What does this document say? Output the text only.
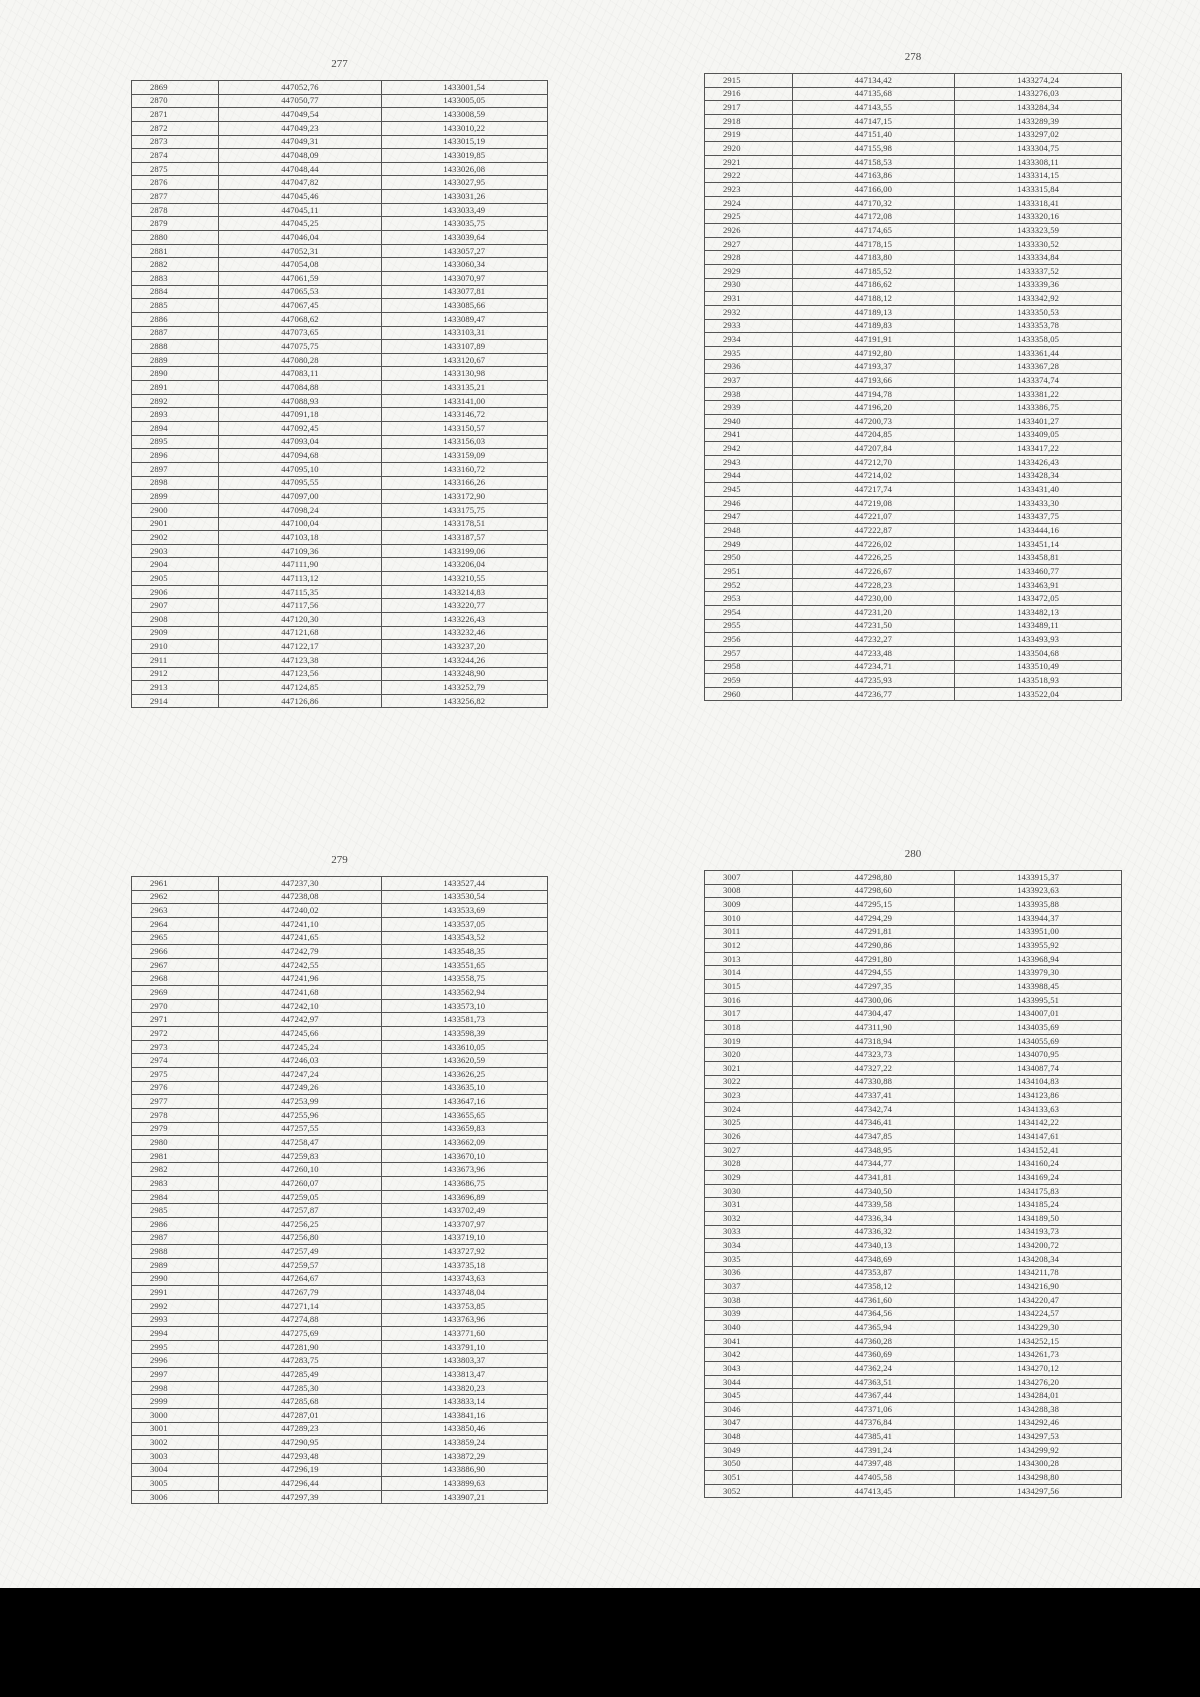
277
2869	447052,76	1433001,54
2870	447050,77	1433005,05
2871	447049,54	1433008,59
2872	447049,23	1433010,22
2873	447049,31	1433015,19
2874	447048,09	1433019,85
2875	447048,44	1433026,08
2876	447047,82	1433027,95
2877	447045,46	1433031,26
2878	447045,11	1433033,49
2879	447045,25	1433035,75
2880	447046,04	1433039,64
2881	447052,31	1433057,27
2882	447054,08	1433060,34
2883	447061,59	1433070,97
2884	447065,53	1433077,81
2885	447067,45	1433085,66
2886	447068,62	1433089,47
2887	447073,65	1433103,31
2888	447075,75	1433107,89
2889	447080,28	1433120,67
2890	447083,11	1433130,98
2891	447084,88	1433135,21
2892	447088,93	1433141,00
2893	447091,18	1433146,72
2894	447092,45	1433150,57
2895	447093,04	1433156,03
2896	447094,68	1433159,09
2897	447095,10	1433160,72
2898	447095,55	1433166,26
2899	447097,00	1433172,90
2900	447098,24	1433175,75
2901	447100,04	1433178,51
2902	447103,18	1433187,57
2903	447109,36	1433199,06
2904	447111,90	1433206,04
2905	447113,12	1433210,55
2906	447115,35	1433214,83
2907	447117,56	1433220,77
2908	447120,30	1433226,43
2909	447121,68	1433232,46
2910	447122,17	1433237,20
2911	447123,38	1433244,26
2912	447123,56	1433248,90
2913	447124,85	1433252,79
2914	447126,86	1433256,82
278
2915	447134,42	1433274,24
2916	447135,68	1433276,03
2917	447143,55	1433284,34
2918	447147,15	1433289,39
2919	447151,40	1433297,02
2920	447155,98	1433304,75
2921	447158,53	1433308,11
2922	447163,86	1433314,15
2923	447166,00	1433315,84
2924	447170,32	1433318,41
2925	447172,08	1433320,16
2926	447174,65	1433323,59
2927	447178,15	1433330,52
2928	447183,80	1433334,84
2929	447185,52	1433337,52
2930	447186,62	1433339,36
2931	447188,12	1433342,92
2932	447189,13	1433350,53
2933	447189,83	1433353,78
2934	447191,91	1433358,05
2935	447192,80	1433361,44
2936	447193,37	1433367,28
2937	447193,66	1433374,74
2938	447194,78	1433381,22
2939	447196,20	1433386,75
2940	447200,73	1433401,27
2941	447204,85	1433409,05
2942	447207,84	1433417,22
2943	447212,70	1433426,43
2944	447214,02	1433428,34
2945	447217,74	1433431,40
2946	447219,08	1433433,30
2947	447221,07	1433437,75
2948	447222,87	1433444,16
2949	447226,02	1433451,14
2950	447226,25	1433458,81
2951	447226,67	1433460,77
2952	447228,23	1433463,91
2953	447230,00	1433472,05
2954	447231,20	1433482,13
2955	447231,50	1433489,11
2956	447232,27	1433493,93
2957	447233,48	1433504,68
2958	447234,71	1433510,49
2959	447235,93	1433518,93
2960	447236,77	1433522,04
279
2961	447237,30	1433527,44
2962	447238,08	1433530,54
2963	447240,02	1433533,69
2964	447241,10	1433537,05
2965	447241,65	1433543,52
2966	447242,79	1433548,35
2967	447242,55	1433551,65
2968	447241,96	1433558,75
2969	447241,68	1433562,94
2970	447242,10	1433573,10
2971	447242,97	1433581,73
2972	447245,66	1433598,39
2973	447245,24	1433610,05
2974	447246,03	1433620,59
2975	447247,24	1433626,25
2976	447249,26	1433635,10
2977	447253,99	1433647,16
2978	447255,96	1433655,65
2979	447257,55	1433659,83
2980	447258,47	1433662,09
2981	447259,83	1433670,10
2982	447260,10	1433673,96
2983	447260,07	1433686,75
2984	447259,05	1433696,89
2985	447257,87	1433702,49
2986	447256,25	1433707,97
2987	447256,80	1433719,10
2988	447257,49	1433727,92
2989	447259,57	1433735,18
2990	447264,67	1433743,63
2991	447267,79	1433748,04
2992	447271,14	1433753,85
2993	447274,88	1433763,96
2994	447275,69	1433771,60
2995	447281,90	1433791,10
2996	447283,75	1433803,37
2997	447285,49	1433813,47
2998	447285,30	1433820,23
2999	447285,68	1433833,14
3000	447287,01	1433841,16
3001	447289,23	1433850,46
3002	447290,95	1433859,24
3003	447293,48	1433872,29
3004	447296,19	1433886,90
3005	447296,44	1433899,63
3006	447297,39	1433907,21
280
3007	447298,80	1433915,37
3008	447298,60	1433923,63
3009	447295,15	1433935,88
3010	447294,29	1433944,37
3011	447291,81	1433951,00
3012	447290,86	1433955,92
3013	447291,80	1433968,94
3014	447294,55	1433979,30
3015	447297,35	1433988,45
3016	447300,06	1433995,51
3017	447304,47	1434007,01
3018	447311,90	1434035,69
3019	447318,94	1434055,69
3020	447323,73	1434070,95
3021	447327,22	1434087,74
3022	447330,88	1434104,83
3023	447337,41	1434123,86
3024	447342,74	1434133,63
3025	447346,41	1434142,22
3026	447347,85	1434147,61
3027	447348,95	1434152,41
3028	447344,77	1434160,24
3029	447341,81	1434169,24
3030	447340,50	1434175,83
3031	447339,58	1434185,24
3032	447336,34	1434189,50
3033	447336,32	1434193,73
3034	447340,13	1434200,72
3035	447348,69	1434208,34
3036	447353,87	1434211,78
3037	447358,12	1434216,90
3038	447361,60	1434220,47
3039	447364,56	1434224,57
3040	447365,94	1434229,30
3041	447360,28	1434252,15
3042	447360,69	1434261,73
3043	447362,24	1434270,12
3044	447363,51	1434276,20
3045	447367,44	1434284,01
3046	447371,06	1434288,38
3047	447376,84	1434292,46
3048	447385,41	1434297,53
3049	447391,24	1434299,92
3050	447397,48	1434300,28
3051	447405,58	1434298,80
3052	447413,45	1434297,56
